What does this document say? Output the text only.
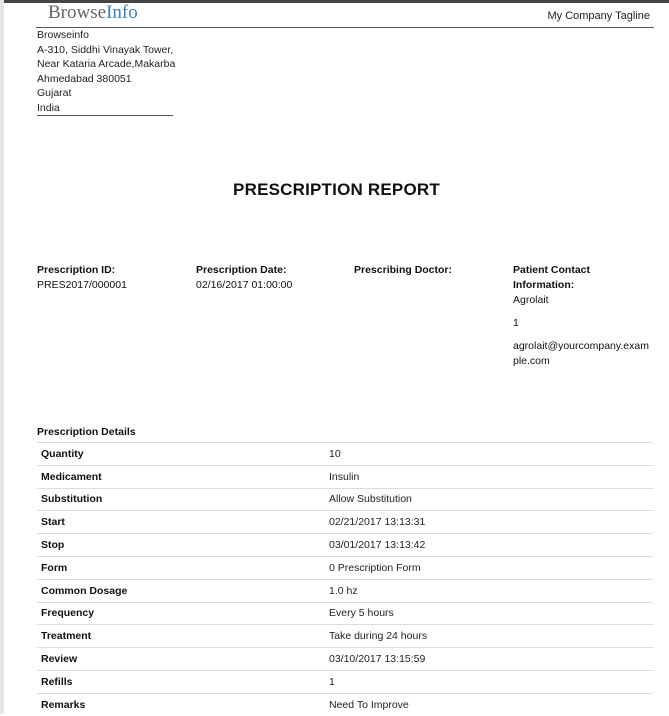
BrowseInfo	My Company Tagline
Browseinfo
A-310, Siddhi Vinayak Tower,
Near Kataria Arcade,Makarba
Ahmedabad 380051
Gujarat
India
PRESCRIPTION REPORT
Prescription ID:
PRES2017/000001
Prescription Date:
02/16/2017 01:00:00
Prescribing Doctor:	Patient Contact
Information:
Agrolait
1
agrolait@yourcompany.exam
ple.com
Prescription Details
Quantity	10
Medicament	Insulin
Substitution	Allow Substitution
Start	02/21/2017 13:13:31
Stop	03/01/2017 13:13:42
Form	0 Prescription Form
Common Dosage	1.0 hz
Frequency	Every 5 hours
Treatment	Take during 24 hours
Review	03/10/2017 13:15:59
Refills	1
Remarks	Need To Improve
